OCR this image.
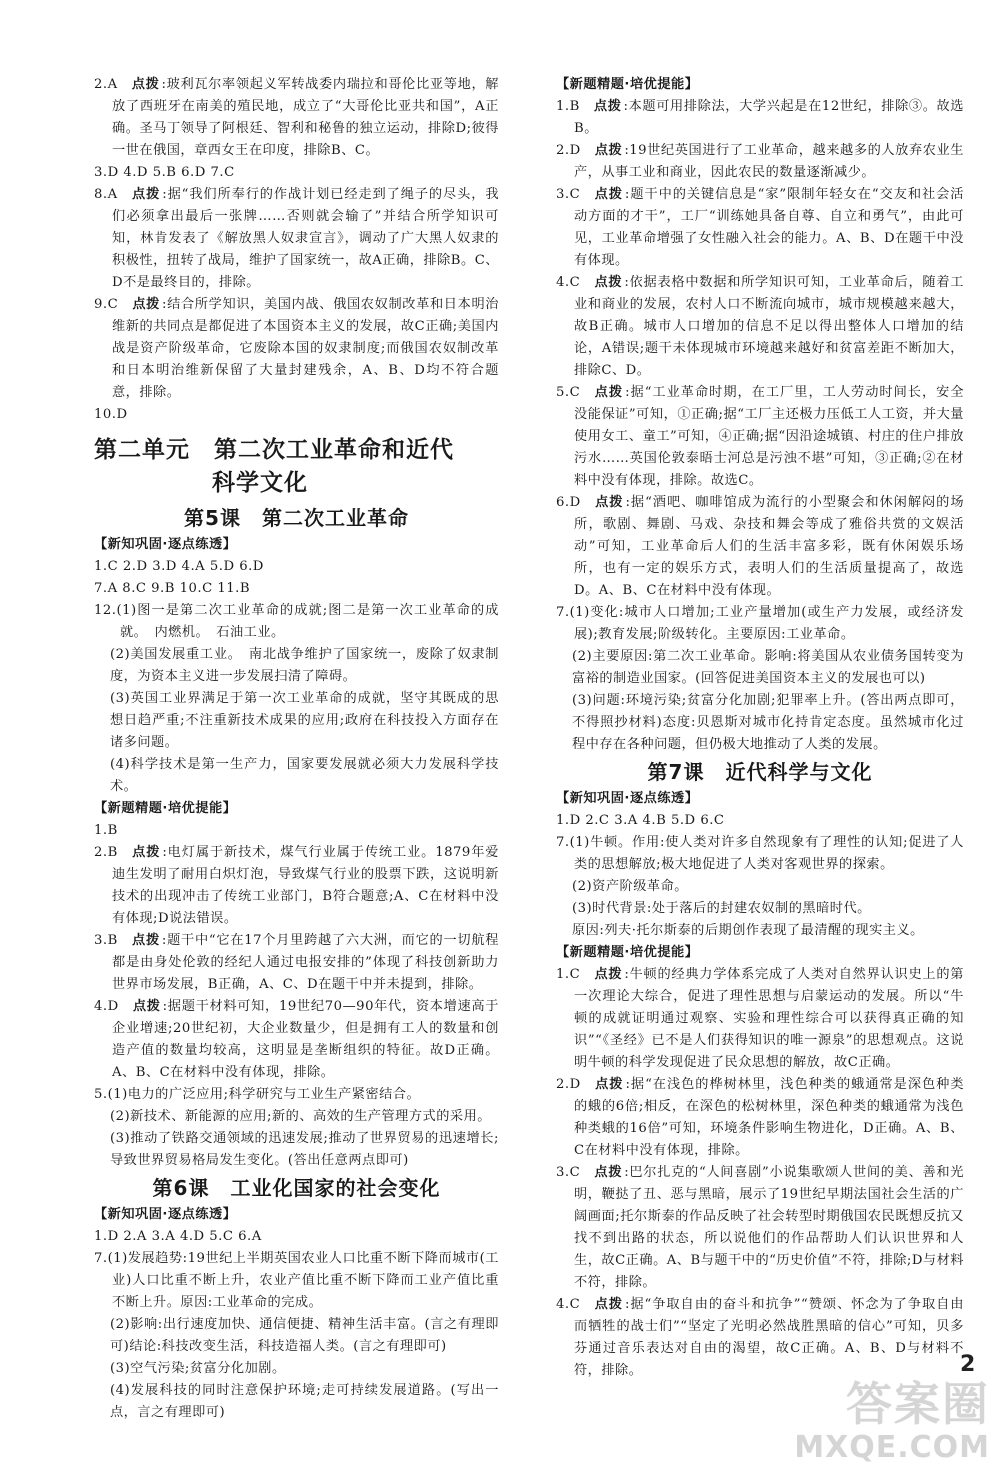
2.A 点拨 :玻利瓦尔率领起义军转战委内瑞拉和哥伦比亚等地，解放了西班牙在南美的殖民地，成立了“大哥伦比亚共和国”，A正确。圣马丁领导了阿根廷、智利和秘鲁的独立运动，排除D;彼得一世在俄国，章西女王在印度，排除B、C。

3.D 4.D 5.B 6.D 7.C

8.A 点拨 :据“我们所奉行的作战计划已经走到了绳子的尽头，我们必须拿出最后一张牌……否则就会输了”并结合所学知识可知，林肯发表了《解放黑人奴隶宣言》，调动了广大黑人奴隶的积极性，扭转了战局，维护了国家统一，故A正确，排除B。C、D不是最终目的，排除。

9.C 点拨 :结合所学知识，美国内战、俄国农奴制改革和日本明治维新的共同点是都促进了本国资本主义的发展，故C正确;美国内战是资产阶级革命，它废除本国的奴隶制度;而俄国农奴制改革和日本明治维新保留了大量封建残余，A、B、D均不符合题意，排除。

10.D

第二单元　第二次工业革命和近代
科学文化
第5课　第二次工业革命

【新知巩固·逐点练透】

1.C 2.D 3.D 4.A 5.D 6.D

7.A 8.C 9.B 10.C 11.B

12.(1)图一是第二次工业革命的成就;图二是第一次工业革命的成就。　内燃机。　石油工业。

(2)美国发展重工业。　南北战争维护了国家统一，废除了奴隶制度，为资本主义进一步发展扫清了障碍。

(3)英国工业界满足于第一次工业革命的成就，坚守其既成的思想日趋严重;不注重新技术成果的应用;政府在科技投入方面存在诸多问题。

(4)科学技术是第一生产力，国家要发展就必须大力发展科学技术。

【新题精题·培优提能】

1.B

2.B 点拨 :电灯属于新技术，煤气行业属于传统工业。1879年爱迪生发明了耐用白炽灯泡，导致煤气行业的股票下跌，这说明新技术的出现冲击了传统工业部门，B符合题意;A、C在材料中没有体现;D说法错误。

3.B 点拨 :题干中“它在17个月里跨越了六大洲，而它的一切航程都是由身处伦敦的经纪人通过电报安排的”体现了科技创新助力世界市场发展，B正确，A、C、D在题干中并未提到，排除。

4.D 点拨 :据题干材料可知，19世纪70—90年代，资本增速高于企业增速;20世纪初，大企业数量少，但是拥有工人的数量和创造产值的数量均较高，这明显是垄断组织的特征。故D正确。A、B、C在材料中没有体现，排除。

5.(1)电力的广泛应用;科学研究与工业生产紧密结合。

(2)新技术、新能源的应用;新的、高效的生产管理方式的采用。

(3)推动了铁路交通领域的迅速发展;推动了世界贸易的迅速增长;导致世界贸易格局发生变化。(答出任意两点即可)

第6课　工业化国家的社会变化

【新知巩固·逐点练透】

1.D 2.A 3.A 4.D 5.C 6.A

7.(1)发展趋势:19世纪上半期英国农业人口比重不断下降而城市(工业)人口比重不断上升，农业产值比重不断下降而工业产值比重不断上升。原因:工业革命的完成。

(2)影响:出行速度加快、通信便捷、精神生活丰富。(言之有理即可)结论:科技改变生活，科技造福人类。(言之有理即可)

(3)空气污染;贫富分化加剧。

(4)发展科技的同时注意保护环境;走可持续发展道路。(写出一点，言之有理即可)

【新题精题·培优提能】

1.B 点拨 :本题可用排除法，大学兴起是在12世纪，排除③。故选B。

2.D 点拨 :19世纪英国进行了工业革命，越来越多的人放弃农业生产，从事工业和商业，因此农民的数量逐渐减少。

3.C 点拨 :题干中的关键信息是“家”限制年轻女在“交友和社会活动方面的才干”，工厂“训练她具备自尊、自立和勇气”，由此可见，工业革命增强了女性融入社会的能力。A、B、D在题干中没有体现。

4.C 点拨 :依据表格中数据和所学知识可知，工业革命后，随着工业和商业的发展，农村人口不断流向城市，城市规模越来越大，故B正确。城市人口增加的信息不足以得出整体人口增加的结论，A错误;题干未体现城市环境越来越好和贫富差距不断加大，排除C、D。

5.C 点拨 :据“工业革命时期，在工厂里，工人劳动时间长，安全没能保证”可知，①正确;据“工厂主还极力压低工人工资，并大量使用女工、童工”可知，④正确;据“因沿途城镇、村庄的住户排放污水……英国伦敦泰晤士河总是污浊不堪”可知，③正确;②在材料中没有体现，排除。故选C。

6.D 点拨 :据“酒吧、咖啡馆成为流行的小型聚会和休闲解闷的场所，歌剧、舞剧、马戏、杂技和舞会等成了雅俗共赏的文娱活动”可知，工业革命后人们的生活丰富多彩，既有休闲娱乐场所，也有一定的娱乐方式，表明人们的生活质量提高了，故选D。A、B、C在材料中没有体现。

7.(1)变化:城市人口增加;工业产量增加(或生产力发展，或经济发展);教育发展;阶级转化。主要原因:工业革命。

(2)主要原因:第二次工业革命。影响:将美国从农业债务国转变为富裕的制造业国家。(回答促进美国资本主义的发展也可以)

(3)问题:环境污染;贫富分化加剧;犯罪率上升。(答出两点即可，不得照抄材料)态度:贝恩斯对城市化持肯定态度。虽然城市化过程中存在各种问题，但仍极大地推动了人类的发展。

第7课　近代科学与文化

【新知巩固·逐点练透】

1.D 2.C 3.A 4.B 5.D 6.C

7.(1)牛顿。作用:使人类对许多自然现象有了理性的认知;促进了人类的思想解放;极大地促进了人类对客观世界的探索。

(2)资产阶级革命。

(3)时代背景:处于落后的封建农奴制的黑暗时代。

原因:列夫·托尔斯泰的后期创作表现了最清醒的现实主义。

【新题精题·培优提能】

1.C 点拨 :牛顿的经典力学体系完成了人类对自然界认识史上的第一次理论大综合，促进了理性思想与启蒙运动的发展。所以“牛顿的成就证明通过观察、实验和理性综合可以获得真正确的知识”“《圣经》已不是人们获得知识的唯一源泉”的思想观点。这说明牛顿的科学发现促进了民众思想的解放，故C正确。

2.D 点拨 :据“在浅色的桦树林里，浅色种类的蛾通常是深色种类的蛾的6倍;相反，在深色的松树林里，深色种类的蛾通常为浅色种类蛾的16倍”可知，环境条件影响生物进化，D正确。A、B、C在材料中没有体现，排除。

3.C 点拨 :巴尔扎克的“人间喜剧”小说集歌颂人世间的美、善和光明，鞭挞了丑、恶与黑暗，展示了19世纪早期法国社会生活的广阔画面;托尔斯泰的作品反映了社会转型时期俄国农民既想反抗又找不到出路的状态，所以说他们的作品帮助人们认识世界和人生，故C正确。A、B与题干中的“历史价值”不符，排除;D与材料不符，排除。

4.C 点拨 :据“争取自由的奋斗和抗争”“赞颂、怀念为了争取自由而牺牲的战士们”“坚定了光明必然战胜黑暗的信心”可知，贝多芬通过音乐表达对自由的渴望，故C正确。A、B、D与材料不符，排除。	2
答案圈
MXQE.COM
